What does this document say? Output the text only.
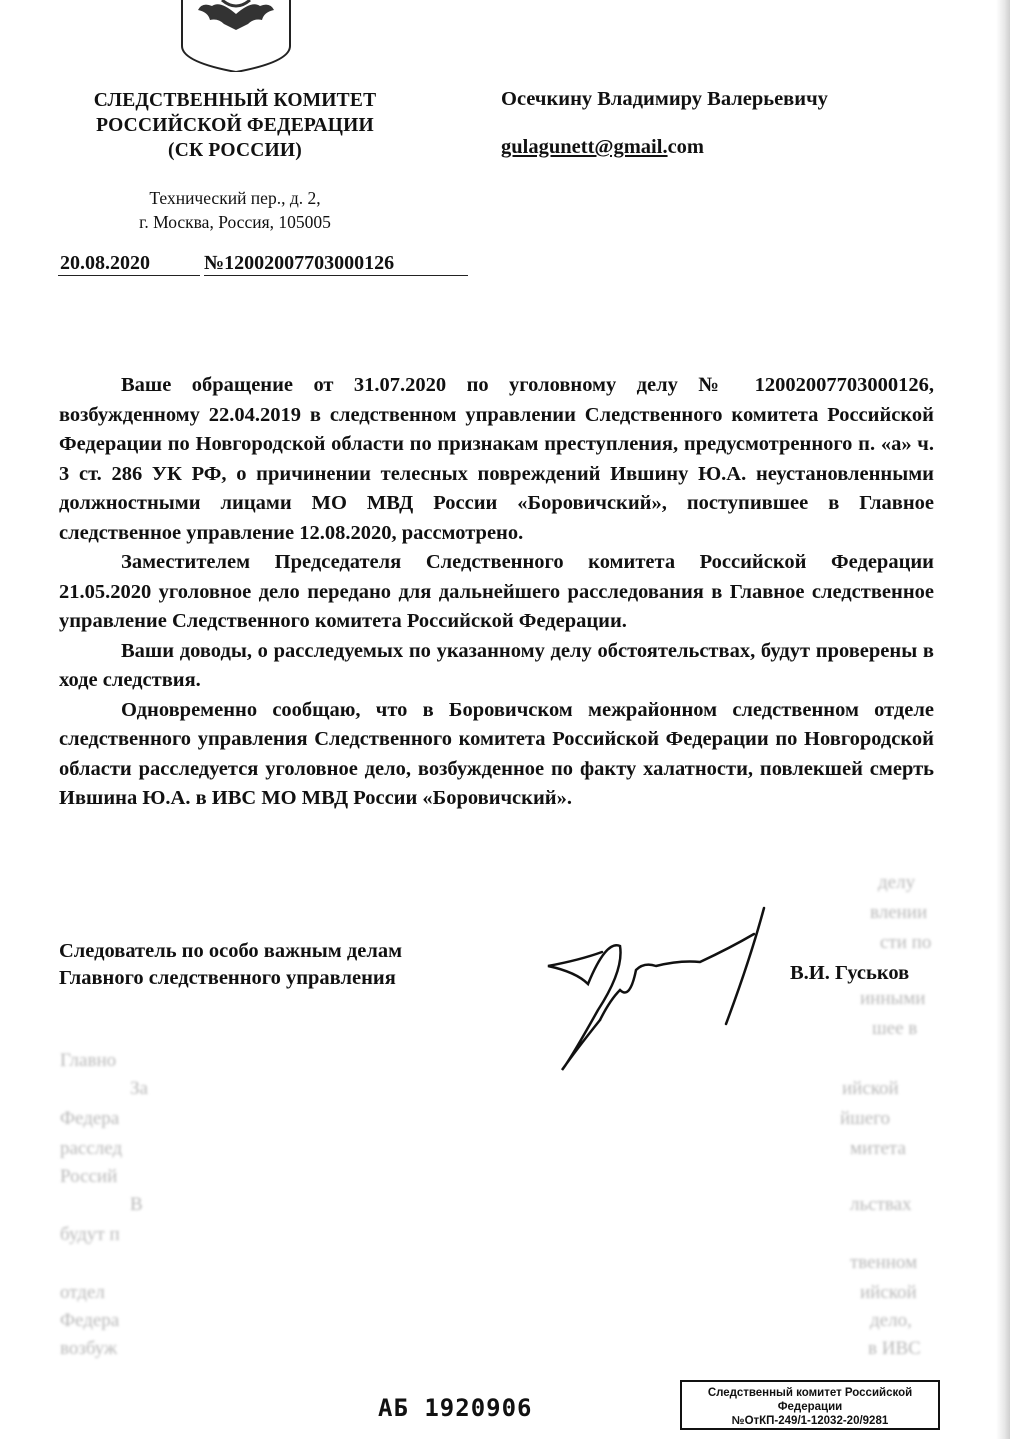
делу
влении
сти по
инными
шее в
Главно
За	ийской
Федера	йшего
расслед	митета
Россий
В	льствах
будут п
твенном
отдел	ийской
Федера	дело,
возбуж	в ИВС
СЛЕДСТВЕННЫЙ КОМИТЕТ
РОССИЙСКОЙ ФЕДЕРАЦИИ
(СК РОССИИ)
Технический пер., д. 2,
г. Москва, Россия, 105005
20.08.2020	№12002007703000126
Осечкину Владимиру Валерьевичу
gulagunett@gmail.com

Ваше обращение от 31.07.2020 по уголовному делу № 12002007703000126, возбужденному 22.04.2019 в следственном управлении Следственного комитета Российской Федерации по Новгородской области по признакам преступления, предусмотренного п. «а» ч. 3 ст. 286 УК РФ, о причинении телесных повреждений Ившину Ю.А. неустановленными должностными лицами МО МВД России «Боровичский», поступившее в Главное следственное управление 12.08.2020, рассмотрено.

Заместителем Председателя Следственного комитета Российской Федерации 21.05.2020 уголовное дело передано для дальнейшего расследования в Главное следственное управление Следственного комитета Российской Федерации.

Ваши доводы, о расследуемых по указанному делу обстоятельствах, будут проверены в ходе следствия.

Одновременно сообщаю, что в Боровичском межрайонном следственном отделе следственного управления Следственного комитета Российской Федерации по Новгородской области расследуется уголовное дело, возбужденное по факту халатности, повлекшей смерть Ившина Ю.А. в ИВС МО МВД России «Боровичский».

Следователь по особо важным делам
Главного следственного управления	В.И. Гуськов
АБ 1920906
Следственный комитет Российской
Федерации
№ОтКП-249/1-12032-20/9281
